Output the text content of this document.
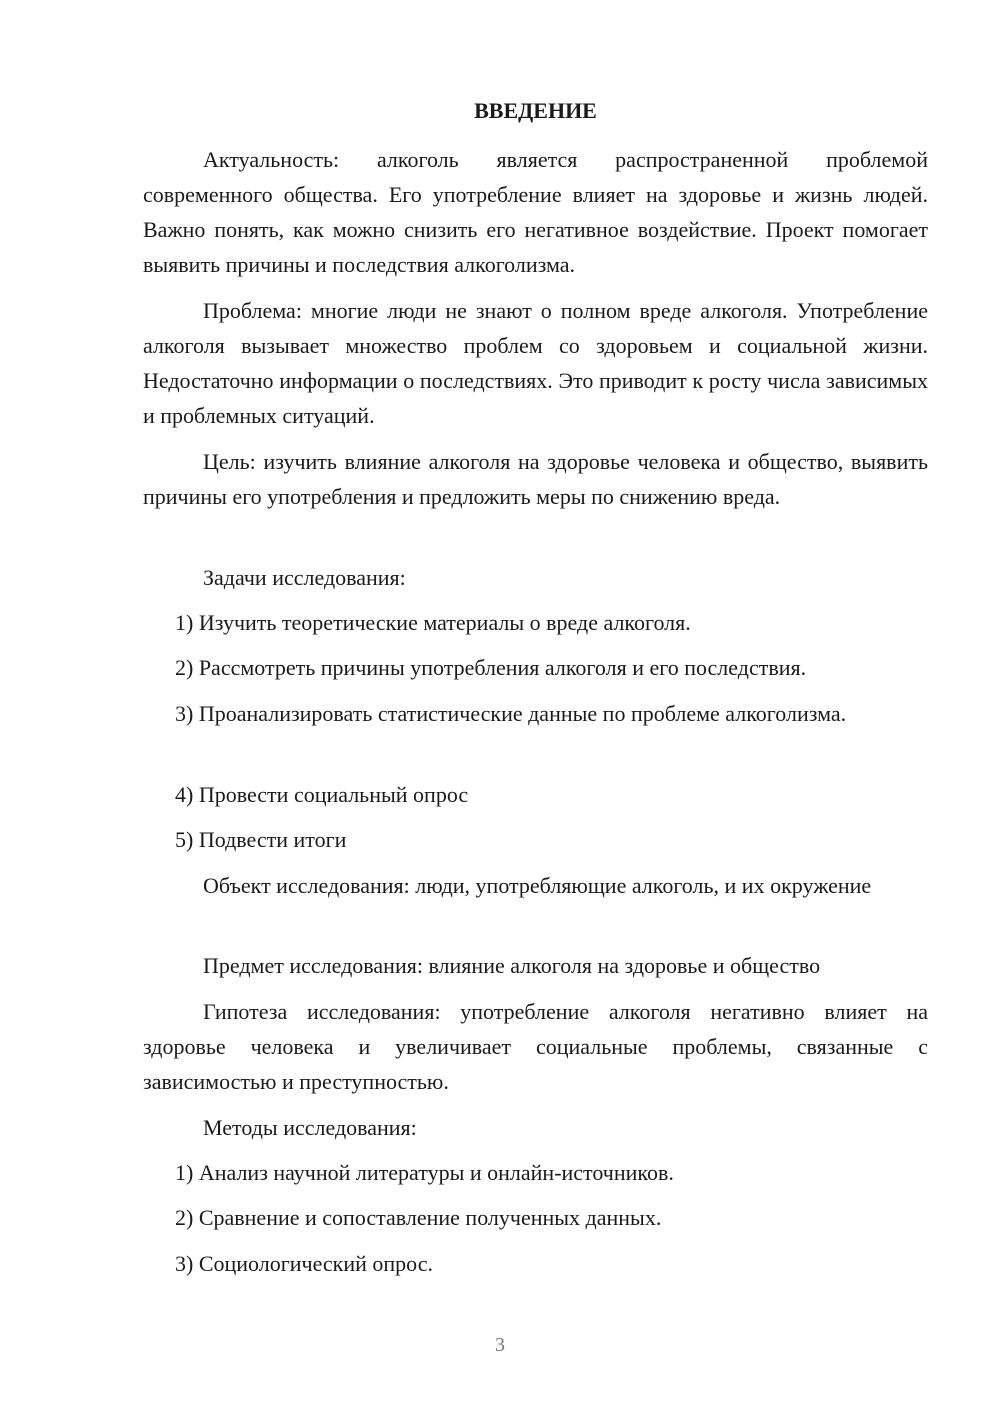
ВВЕДЕНИЕ

Актуальность: алкоголь является распространенной проблемой современного общества. Его употребление влияет на здоровье и жизнь людей. Важно понять, как можно снизить его негативное воздействие. Проект помогает выявить причины и последствия алкоголизма.

Проблема: многие люди не знают о полном вреде алкоголя. Употребление алкоголя вызывает множество проблем со здоровьем и социальной жизни. Недостаточно информации о последствиях. Это приводит к росту числа зависимых и проблемных ситуаций.

Цель: изучить влияние алкоголя на здоровье человека и общество, выявить причины его употребления и предложить меры по снижению вреда.

Задачи исследования:

1) Изучить теоретические материалы о вреде алкоголя.

2) Рассмотреть причины употребления алкоголя и его последствия.

3) Проанализировать статистические данные по проблеме алкоголизма.

4) Провести социальный опрос

5) Подвести итоги

Объект исследования: люди, употребляющие алкоголь, и их окружение

Предмет исследования: влияние алкоголя на здоровье и общество

Гипотеза исследования: употребление алкоголя негативно влияет на здоровье человека и увеличивает социальные проблемы, связанные с зависимостью и преступностью.

Методы исследования:

1) Анализ научной литературы и онлайн-источников.

2) Сравнение и сопоставление полученных данных.

3) Социологический опрос.

3
